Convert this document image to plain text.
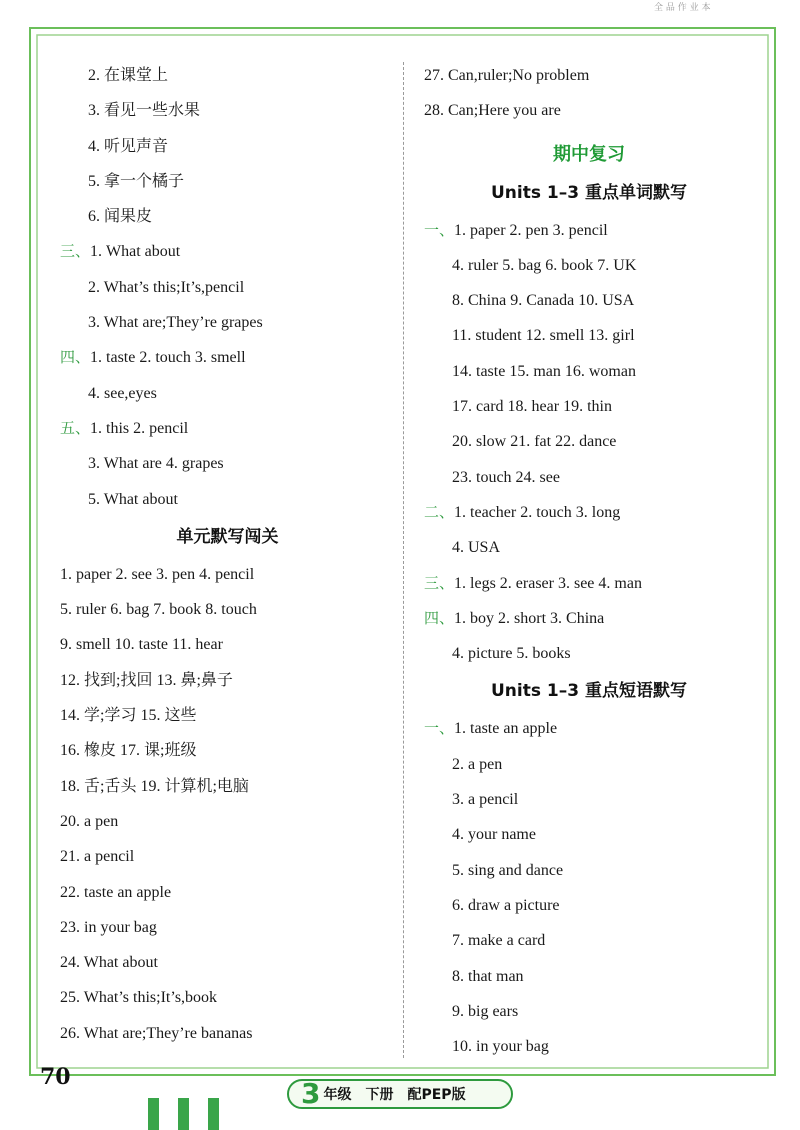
全 品 作 业 本
2. 在课堂上
3. 看见一些水果
4. 听见声音
5. 拿一个橘子
6. 闻果皮
三、1. What about
2. What’s this;It’s,pencil
3. What are;They’re grapes
四、1. taste 2. touch 3. smell
4. see,eyes
五、1. this 2. pencil
3. What are 4. grapes
5. What about
单元默写闯关
1. paper 2. see 3. pen 4. pencil
5. ruler 6. bag 7. book 8. touch
9. smell 10. taste 11. hear
12. 找到;找回 13. 鼻;鼻子
14. 学;学习 15. 这些
16. 橡皮 17. 课;班级
18. 舌;舌头 19. 计算机;电脑
20. a pen
21. a pencil
22. taste an apple
23. in your bag
24. What about
25. What’s this;It’s,book
26. What are;They’re bananas
27. Can,ruler;No problem
28. Can;Here you are
期中复习
Units 1–3 重点单词默写
一、1. paper 2. pen 3. pencil
4. ruler 5. bag 6. book 7. UK
8. China 9. Canada 10. USA
11. student 12. smell 13. girl
14. taste 15. man 16. woman
17. card 18. hear 19. thin
20. slow 21. fat 22. dance
23. touch 24. see
二、1. teacher 2. touch 3. long
4. USA
三、1. legs 2. eraser 3. see 4. man
四、1. boy 2. short 3. China
4. picture 5. books
Units 1–3 重点短语默写
一、1. taste an apple
2. a pen
3. a pencil
4. your name
5. sing and dance
6. draw a picture
7. make a card
8. that man
9. big ears
10. in your bag
70	3 年级 下册 配PEP版
